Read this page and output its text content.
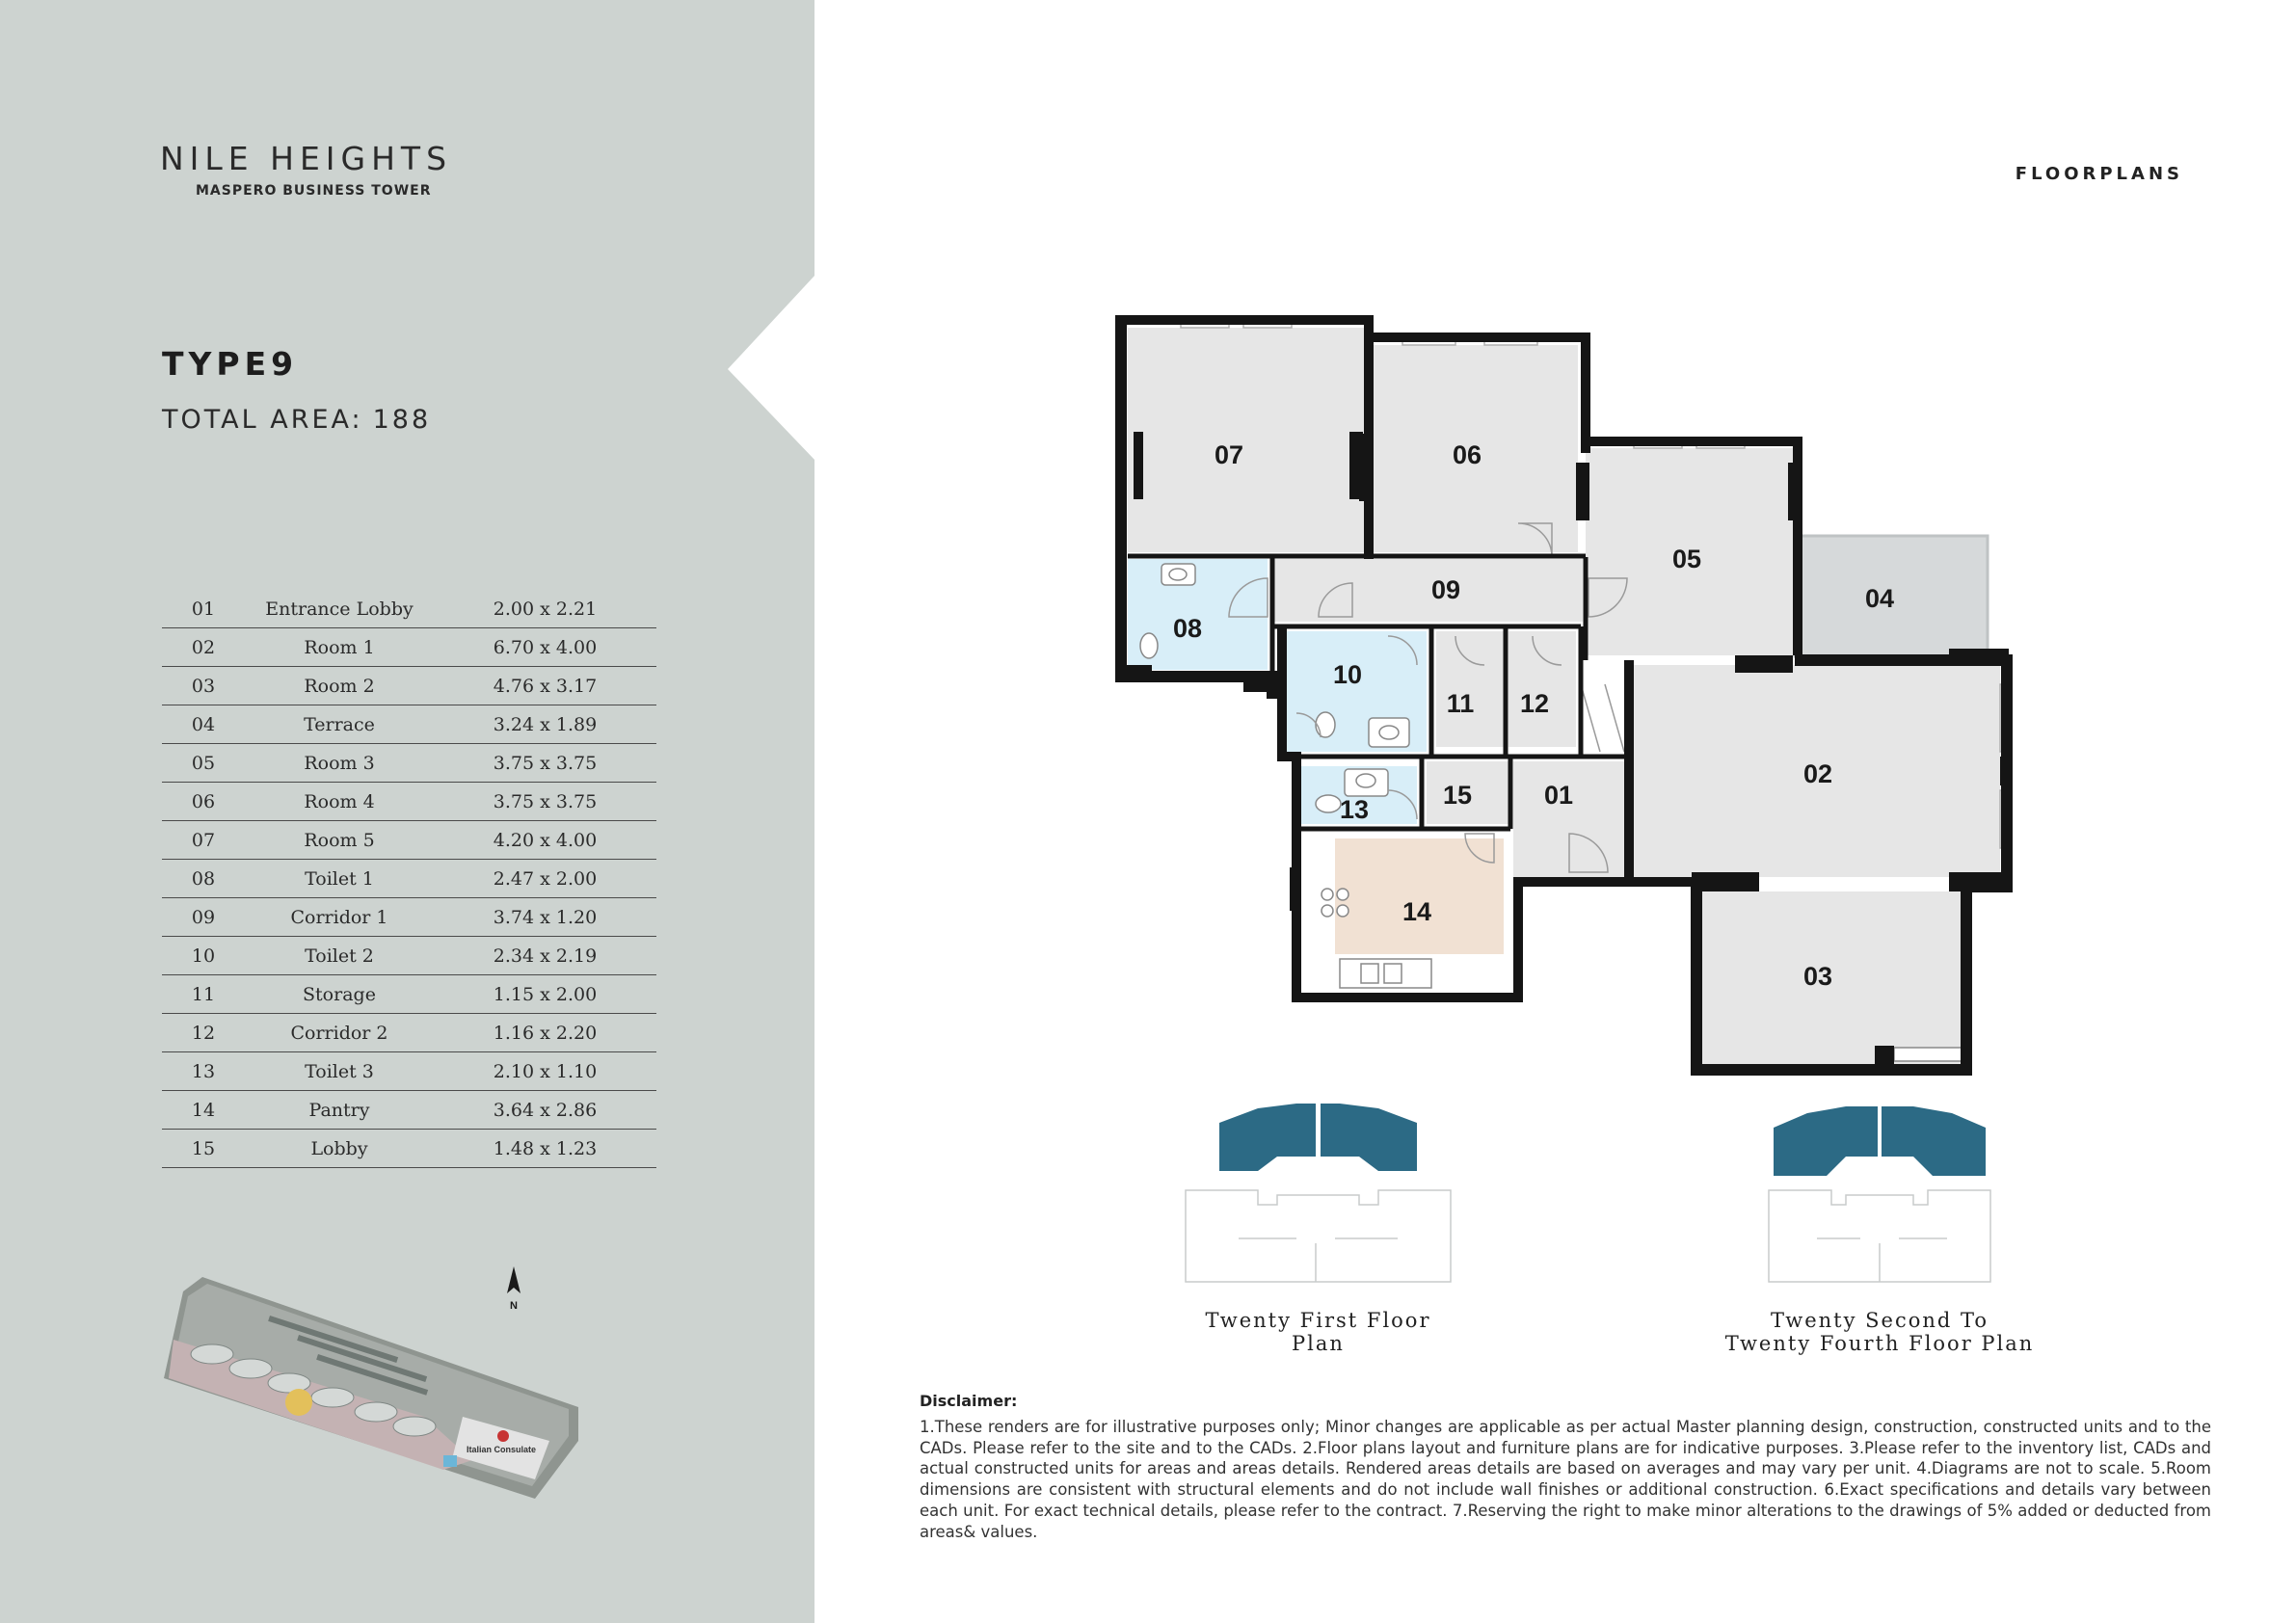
NILE HEIGHTS
MASPERO BUSINESS TOWER
TYPE9
TOTAL AREA: 188
01	Entrance Lobby	2.00 x 2.21
02	Room 1	6.70 x 4.00
03	Room 2	4.76 x 3.17
04	Terrace	3.24 x 1.89
05	Room 3	3.75 x 3.75
06	Room 4	3.75 x 3.75
07	Room 5	4.20 x 4.00
08	Toilet 1	2.47 x 2.00
09	Corridor 1	3.74 x 1.20
10	Toilet 2	2.34 x 2.19
11	Storage	1.15 x 2.00
12	Corridor 2	1.16 x 2.20
13	Toilet 3	2.10 x 1.10
14	Pantry	3.64 x 2.86
15	Lobby	1.48 x 1.23
Italian Consulate
N
FLOORPLANS
07	06
05
04
09
08
10
11 12
02
13	15	01
14
03
Twenty First Floor Plan
Twenty Second To
Twenty Fourth Floor Plan
Disclaimer:
1.These renders are for illustrative purposes only; Minor changes are applicable as per actual Master planning design, construction, constructed units and to the CADs. Please refer to the site and to the CADs. 2.Floor plans layout and furniture plans are for indicative purposes. 3.Please refer to the inventory list, CADs and actual constructed units for areas and areas details. Rendered areas details are based on averages and may vary per unit. 4.Diagrams are not to scale. 5.Room dimensions are consistent with structural elements and do not include wall finishes or additional construction. 6.Exact specifications and details vary between each unit. For exact technical details, please refer to the contract. 7.Reserving the right to make minor alterations to the drawings of 5% added or deducted from areas& values.
